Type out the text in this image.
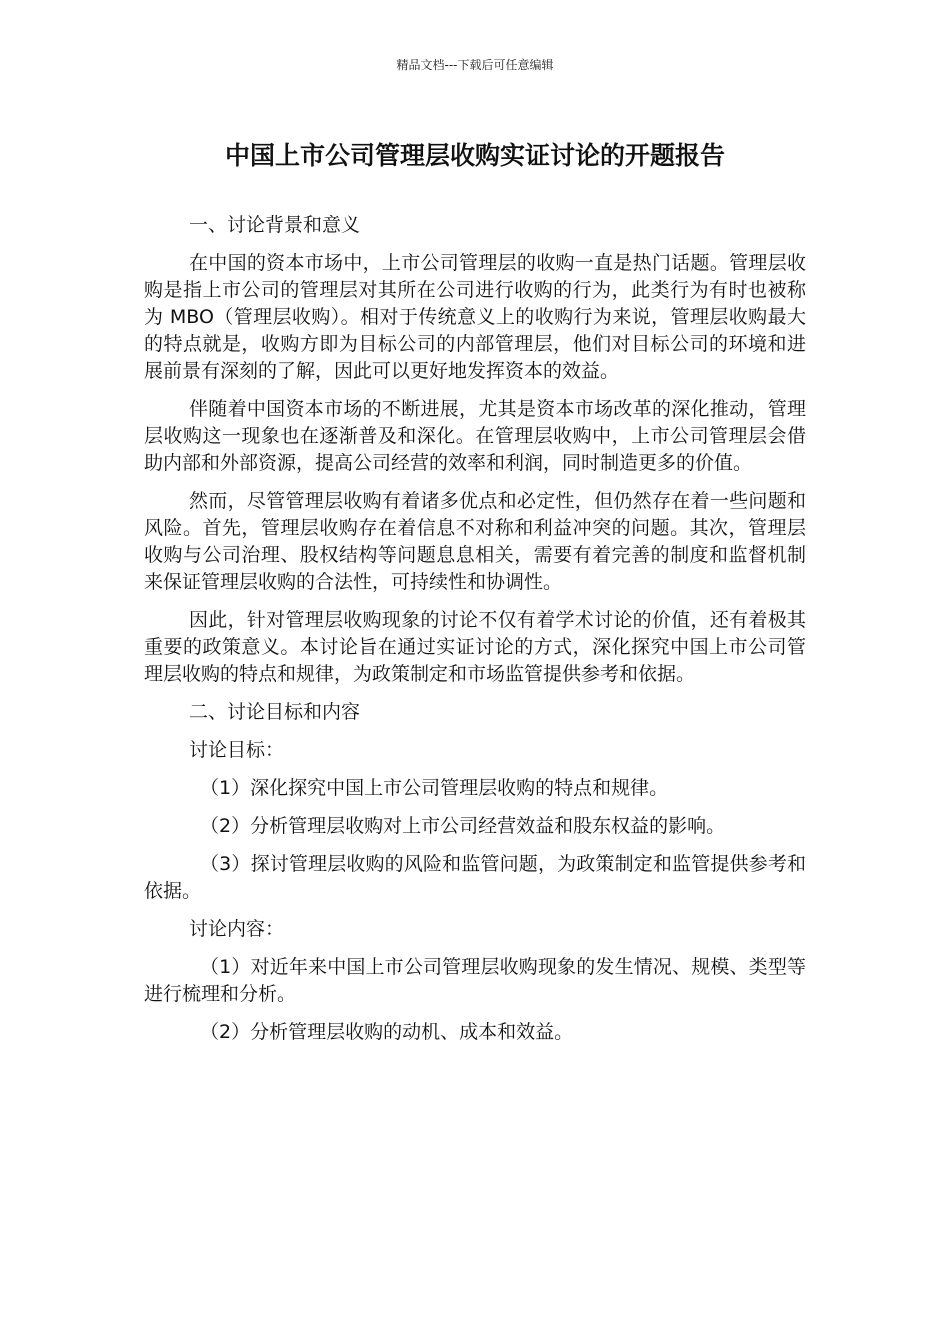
精品文档---下载后可任意编辑
中国上市公司管理层收购实证讨论的开题报告

一、讨论背景和意义

在中国的资本市场中，上市公司管理层的收购一直是热门话题。管理层收购是指上市公司的管理层对其所在公司进行收购的行为，此类行为有时也被称为 MBO（管理层收购）。相对于传统意义上的收购行为来说，管理层收购最大的特点就是，收购方即为目标公司的内部管理层，他们对目标公司的环境和进展前景有深刻的了解，因此可以更好地发挥资本的效益。

伴随着中国资本市场的不断进展，尤其是资本市场改革的深化推动，管理层收购这一现象也在逐渐普及和深化。在管理层收购中，上市公司管理层会借助内部和外部资源，提高公司经营的效率和利润，同时制造更多的价值。

然而，尽管管理层收购有着诸多优点和必定性，但仍然存在着一些问题和风险。首先，管理层收购存在着信息不对称和利益冲突的问题。其次，管理层收购与公司治理、股权结构等问题息息相关，需要有着完善的制度和监督机制来保证管理层收购的合法性，可持续性和协调性。

因此，针对管理层收购现象的讨论不仅有着学术讨论的价值，还有着极其重要的政策意义。本讨论旨在通过实证讨论的方式，深化探究中国上市公司管理层收购的特点和规律，为政策制定和市场监管提供参考和依据。

二、讨论目标和内容

讨论目标：

（1）深化探究中国上市公司管理层收购的特点和规律。

（2）分析管理层收购对上市公司经营效益和股东权益的影响。

（3）探讨管理层收购的风险和监管问题，为政策制定和监管提供参考和依据。

讨论内容：

（1）对近年来中国上市公司管理层收购现象的发生情况、规模、类型等进行梳理和分析。

（2）分析管理层收购的动机、成本和效益。
